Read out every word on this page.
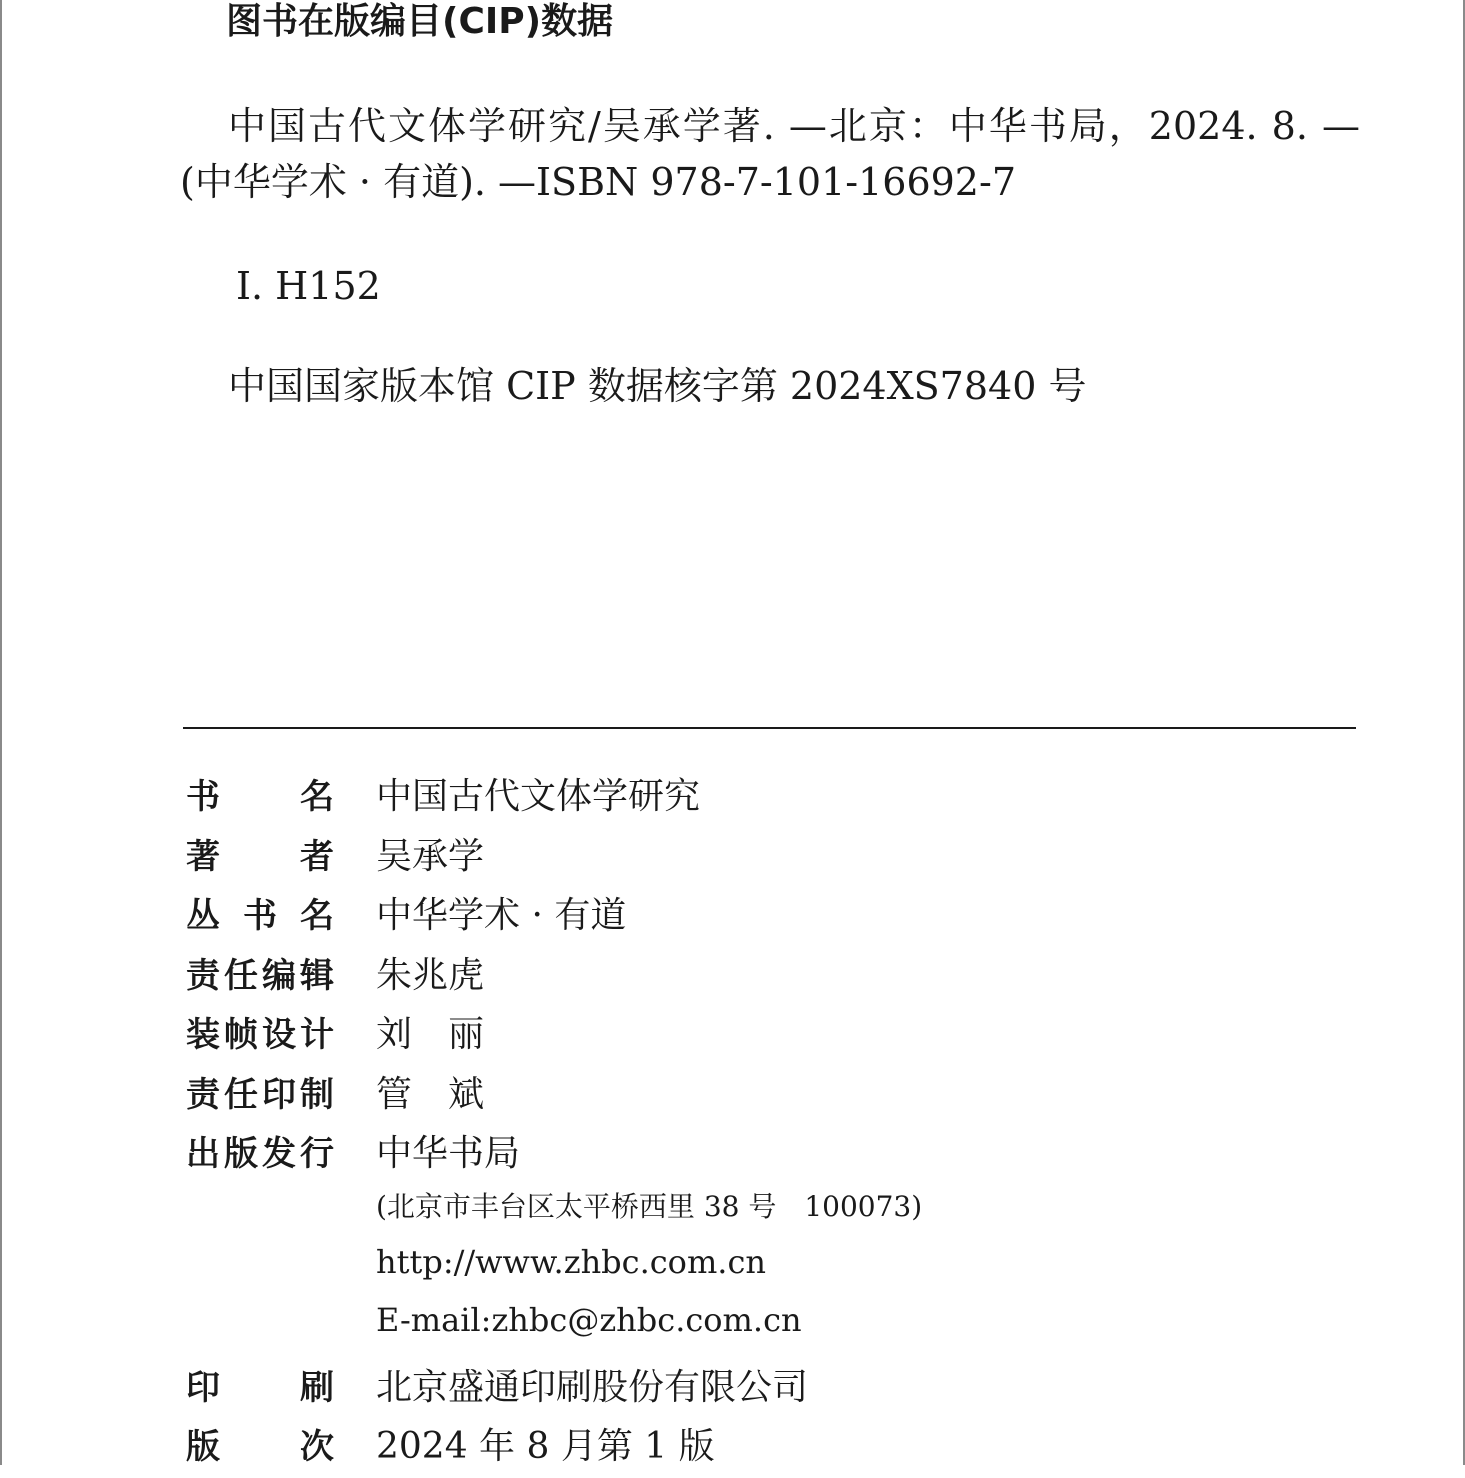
图书在版编目(CIP)数据
中国古代文体学研究/吴承学著. —北京：中华书局，2024. 8. —(中华学术 · 有道). —ISBN 978-7-101-16692-7
Ⅰ. H152
中国国家版本馆 CIP 数据核字第 2024XS7840 号
书名 中国古代文体学研究
著者 吴承学
丛书名 中华学术 · 有道
责任编辑 朱兆虎
装帧设计 刘　丽
责任印制 管　斌
出版发行 中华书局
(北京市丰台区太平桥西里 38 号　100073)
http://www.zhbc.com.cn
E-mail:zhbc@zhbc.com.cn
印刷 北京盛通印刷股份有限公司
版次 2024 年 8 月第 1 版
